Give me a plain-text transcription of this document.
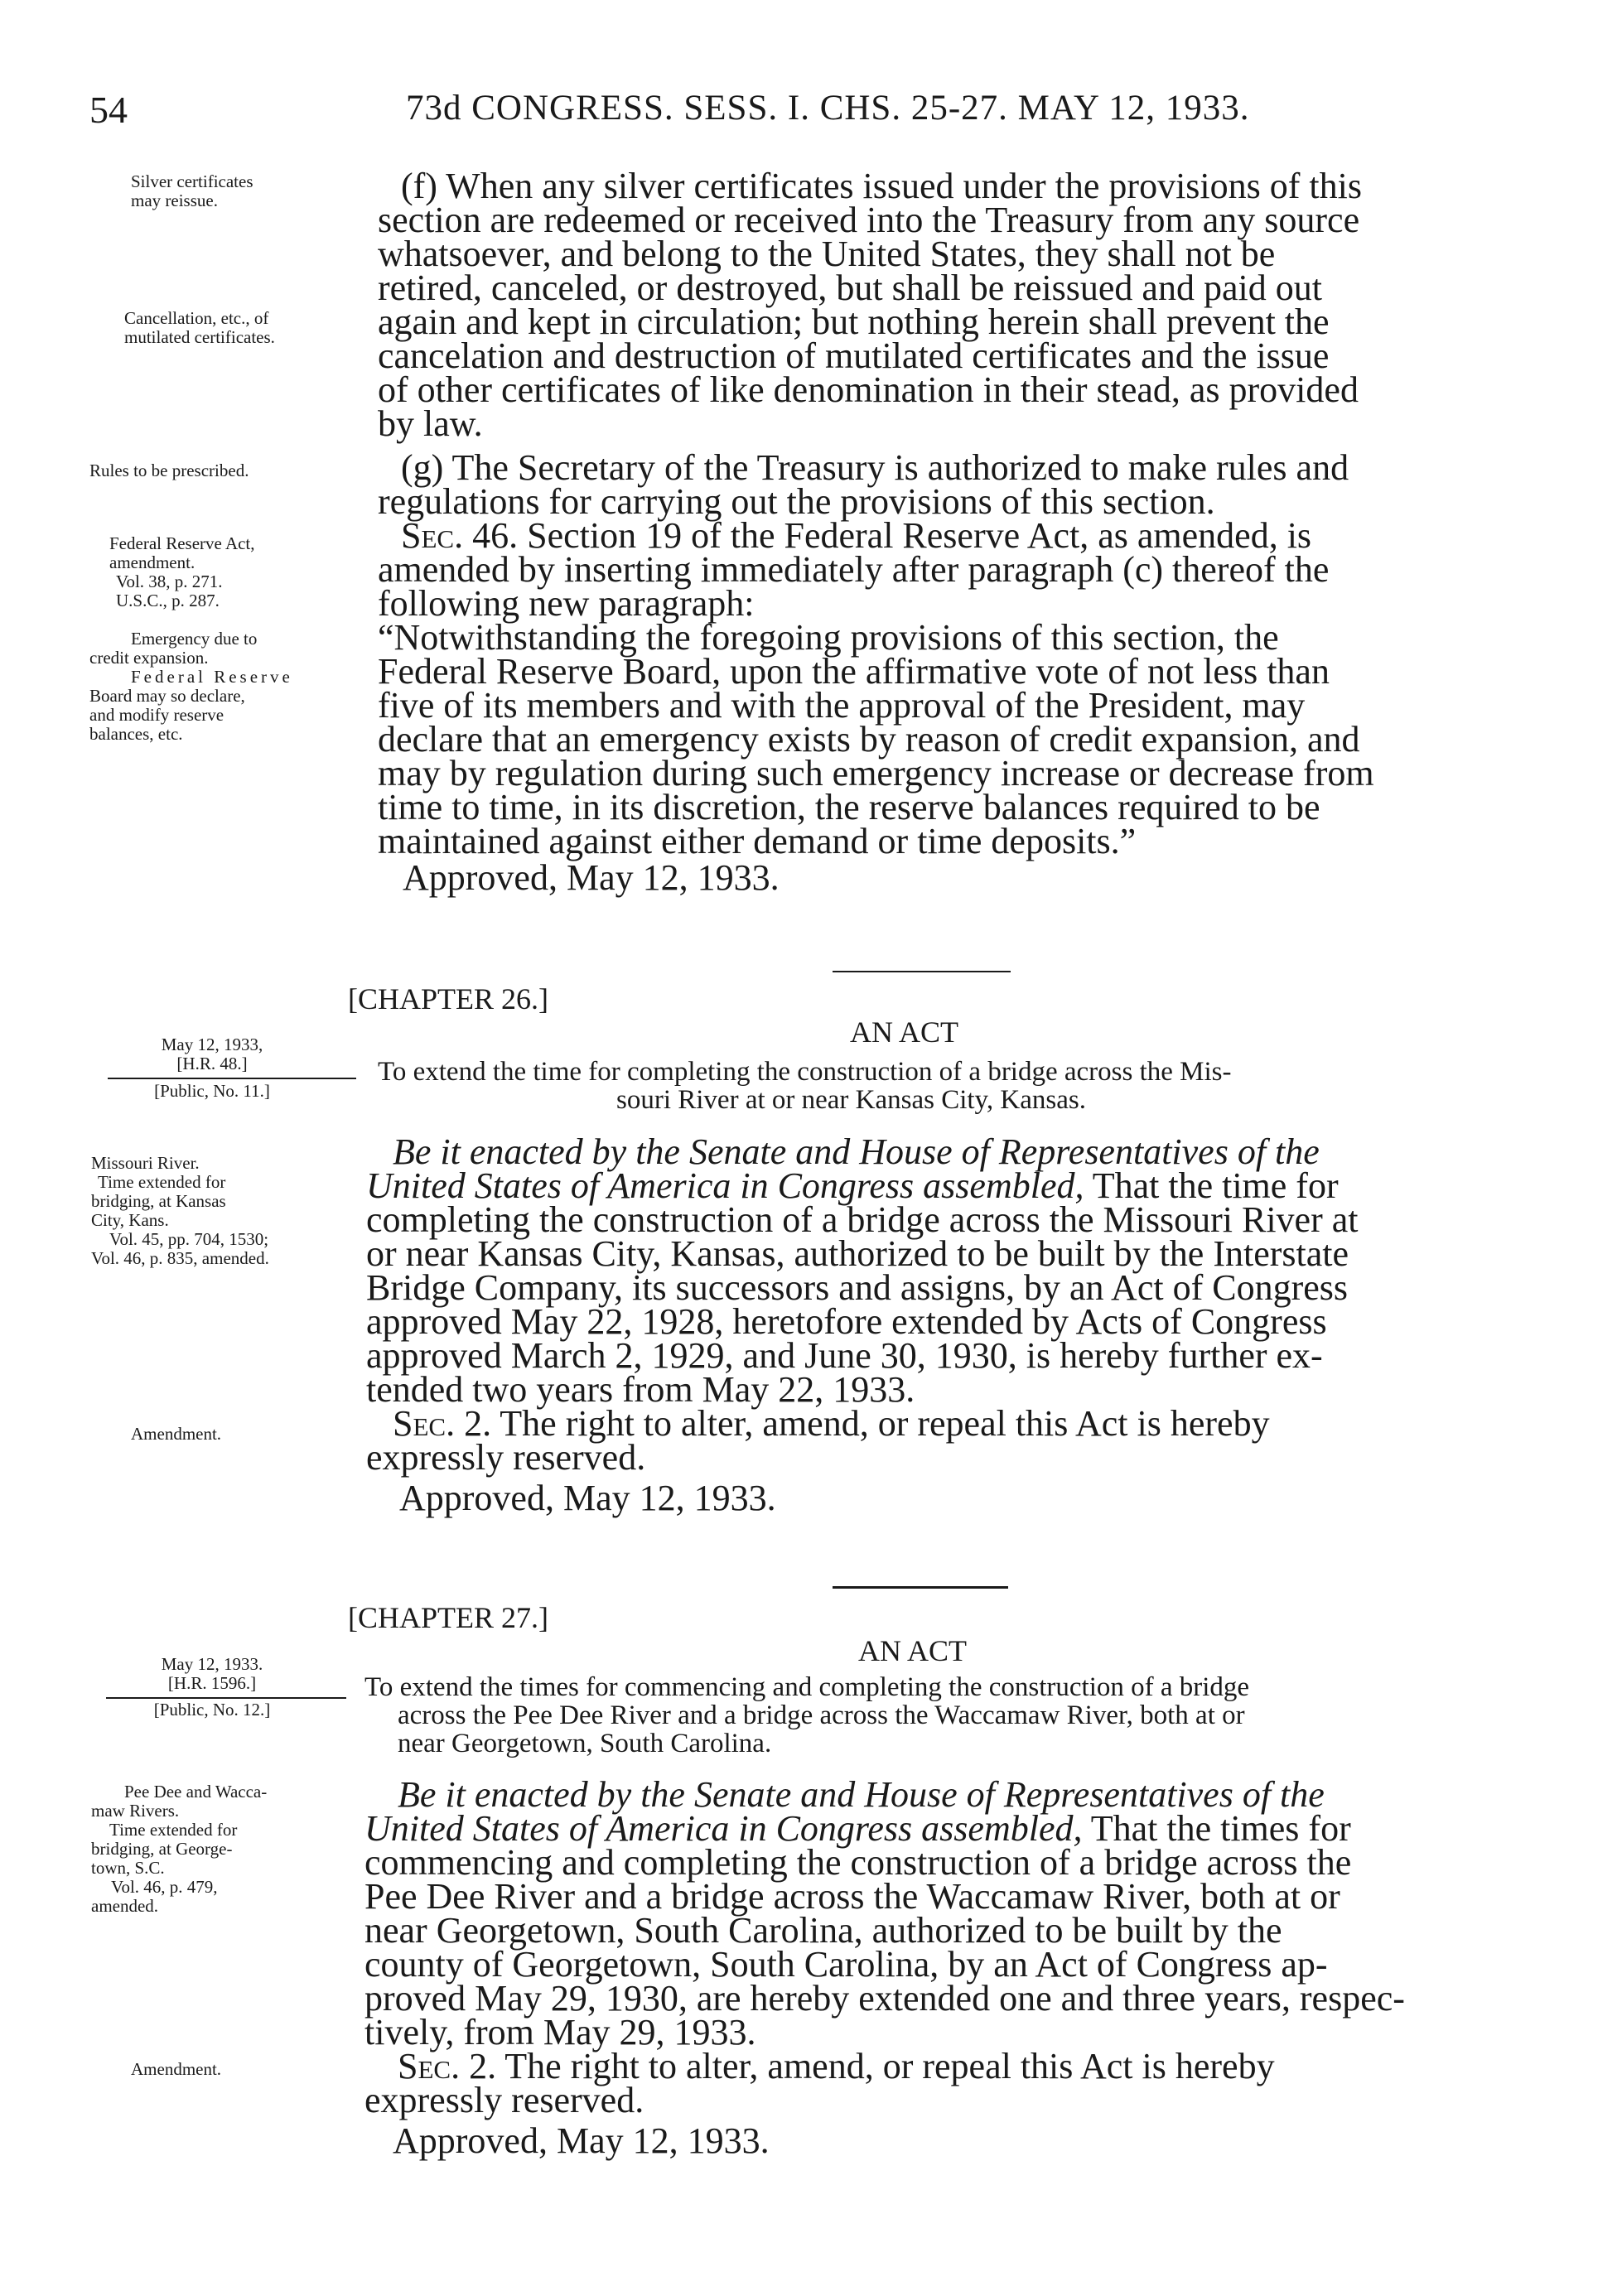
54	73d CONGRESS. SESS. I. CHS. 25-27. MAY 12, 1933.
Silver certificates
may reissue.
Cancellation, etc., of
mutilated certificates.
(f) When any silver certificates issued under the provisions of this
section are redeemed or received into the Treasury from any source
whatsoever, and belong to the United States, they shall not be
retired, canceled, or destroyed, but shall be reissued and paid out
again and kept in circulation; but nothing herein shall prevent the
cancelation and destruction of mutilated certificates and the issue
of other certificates of like denomination in their stead, as provided
by law.
Rules to be prescribed.	(g) The Secretary of the Treasury is authorized to make rules and
regulations for carrying out the provisions of this section.
Federal Reserve Act,
amendment.
Vol. 38, p. 271.
U.S.C., p. 287.
Emergency due to
credit expansion.
Federal Reserve
Board may so declare,
and modify reserve
balances, etc.
Sec. 46. Section 19 of the Federal Reserve Act, as amended, is
amended by inserting immediately after paragraph (c) thereof the
following new paragraph:
“Notwithstanding the foregoing provisions of this section, the
Federal Reserve Board, upon the affirmative vote of not less than
five of its members and with the approval of the President, may
declare that an emergency exists by reason of credit expansion, and
may by regulation during such emergency increase or decrease from
time to time, in its discretion, the reserve balances required to be
maintained against either demand or time deposits.”
Approved, May 12, 1933.
[CHAPTER 26.]
AN ACT
May 12, 1933,
[H.R. 48.]
[Public, No. 11.]
To extend the time for completing the construction of a bridge across the Mis-
souri River at or near Kansas City, Kansas.
Missouri River.
Time extended for
bridging, at Kansas
City, Kans.
Vol. 45, pp. 704, 1530;
Vol. 46, p. 835, amended.
Amendment.
Be it enacted by the Senate and House of Representatives of the
United States of America in Congress assembled, That the time for
completing the construction of a bridge across the Missouri River at
or near Kansas City, Kansas, authorized to be built by the Interstate
Bridge Company, its successors and assigns, by an Act of Congress
approved May 22, 1928, heretofore extended by Acts of Congress
approved March 2, 1929, and June 30, 1930, is hereby further ex-
tended two years from May 22, 1933.
Sec. 2. The right to alter, amend, or repeal this Act is hereby
expressly reserved.
Approved, May 12, 1933.
[CHAPTER 27.]
AN ACT
May 12, 1933.
[H.R. 1596.]
[Public, No. 12.]
To extend the times for commencing and completing the construction of a bridge
across the Pee Dee River and a bridge across the Waccamaw River, both at or
near Georgetown, South Carolina.
Pee Dee and Wacca-
maw Rivers.
Time extended for
bridging, at George-
town, S.C.
Vol. 46, p. 479,
amended.
Amendment.
Be it enacted by the Senate and House of Representatives of the
United States of America in Congress assembled, That the times for
commencing and completing the construction of a bridge across the
Pee Dee River and a bridge across the Waccamaw River, both at or
near Georgetown, South Carolina, authorized to be built by the
county of Georgetown, South Carolina, by an Act of Congress ap-
proved May 29, 1930, are hereby extended one and three years, respec-
tively, from May 29, 1933.
Sec. 2. The right to alter, amend, or repeal this Act is hereby
expressly reserved.
Approved, May 12, 1933.
